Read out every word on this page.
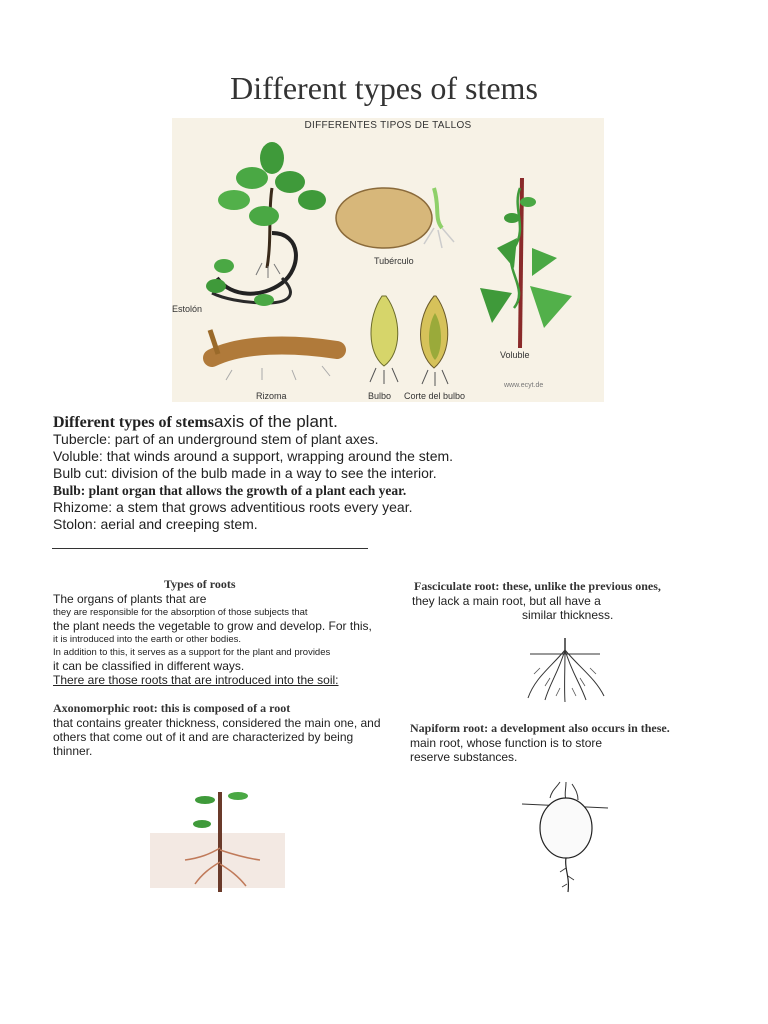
Different types of stems
DIFFERENTES TIPOS DE TALLOS
Estolón
Tubérculo
Voluble
Rizoma	Bulbo Corte del bulbo
www.ecyt.de
Different types of stemsaxis of the plant.
Tubercle: part of an underground stem of plant axes.
Voluble: that winds around a support, wrapping around the stem.
Bulb cut: division of the bulb made in a way to see the interior.
Bulb: plant organ that allows the growth of a plant each year.
Rhizome: a stem that grows adventitious roots every year.
Stolon: aerial and creeping stem.
Types of roots
The organs of plants that are
they are responsible for the absorption of those subjects that
the plant needs the vegetable to grow and develop. For this,
it is introduced into the earth or other bodies.
In addition to this, it serves as a support for the plant and provides
it can be classified in different ways.
There are those roots that are introduced into the soil:
Axonomorphic root: this is composed of a root
that contains greater thickness, considered the main one, and
others that come out of it and are characterized by being
thinner.
Fasciculate root: these, unlike the previous ones,
they lack a main root, but all have a
similar thickness.
Napiform root: a development also occurs in these.
main root, whose function is to store
reserve substances.
